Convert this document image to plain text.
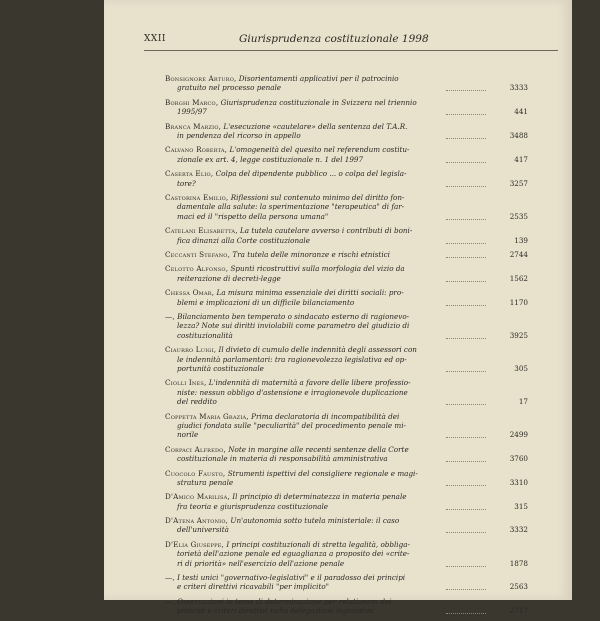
XXII	Giurisprudenza costituzionale 1998
Bonsignore Arturo, Disorientamenti applicativi per il patrocinio
gratuito nel processo penale	3333
Borghi Marco, Giurisprudenza costituzionale in Svizzera nel triennio
1995/97	441
Branca Marzio, L'esecuzione «cautelare» della sentenza del T.A.R.
in pendenza del ricorso in appello	3488
Calvano Roberta, L'omogeneità del quesito nel referendum costitu-
zionale ex art. 4, legge costituzionale n. 1 del 1997	417
Caserta Elio, Colpa del dipendente pubblico ... o colpa del legisla-
tore?	3257
Castorina Emilio, Riflessioni sul contenuto minimo del diritto fon-
damentale alla salute: la sperimentazione "terapeutica" di far-
maci ed il "rispetto della persona umana"	2535
Catelani Elisabetta, La tutela cautelare avverso i contributi di boni-
fica dinanzi alla Corte costituzionale	139
Ceccanti Stefano, Tra tutela delle minoranze e rischi etnistici	2744
Celotto Alfonso, Spunti ricostruttivi sulla morfologia del vizio da
reiterazione di decreti-legge	1562
Chessa Omar, La misura minima essenziale dei diritti sociali: pro-
blemi e implicazioni di un difficile bilanciamento	1170
—, Bilanciamento ben temperato o sindacato esterno di ragionevo-
lezza? Note sui diritti inviolabili come parametro del giudizio di
costituzionalità	3925
Ciaurro Luigi, Il divieto di cumulo delle indennità degli assessori con
le indennità parlamentari: tra ragionevolezza legislativa ed op-
portunità costituzionale	305
Ciolli Ines, L'indennità di maternità a favore delle libere professio-
niste: nessun obbligo d'astensione e irragionevole duplicazione
del reddito	17
Coppetta Maria Grazia, Prima declaratoria di incompatibilità dei
giudici fondata sulle "peculiarità" del procedimento penale mi-
norile	2499
Corpaci Alfredo, Note in margine alle recenti sentenze della Corte
costituzionale in materia di responsabilità amministrativa	3760
Cuocolo Fausto, Strumenti ispettivi del consigliere regionale e magi-
stratura penale	3310
D'Amico Marilisa, Il principio di determinatezza in materia penale
fra teoria e giurisprudenza costituzionale	315
D'Atena Antonio, Un'autonomia sotto tutela ministeriale: il caso
dell'università	3332
D'Elia Giuseppe, I principi costituzionali di stretta legalità, obbliga-
torietà dell'azione penale ed eguaglianza a proposito dei «crite-
ri di priorità» nell'esercizio dell'azione penale	1878
—, I testi unici "governativo-legislativi" e il paradosso dei principi
e criteri direttivi ricavabili "per implicito"	2563
—, Osservazioni in tema di determinazione per relationem dei
principi e criteri direttivi nella delegazione legislativa	2717
